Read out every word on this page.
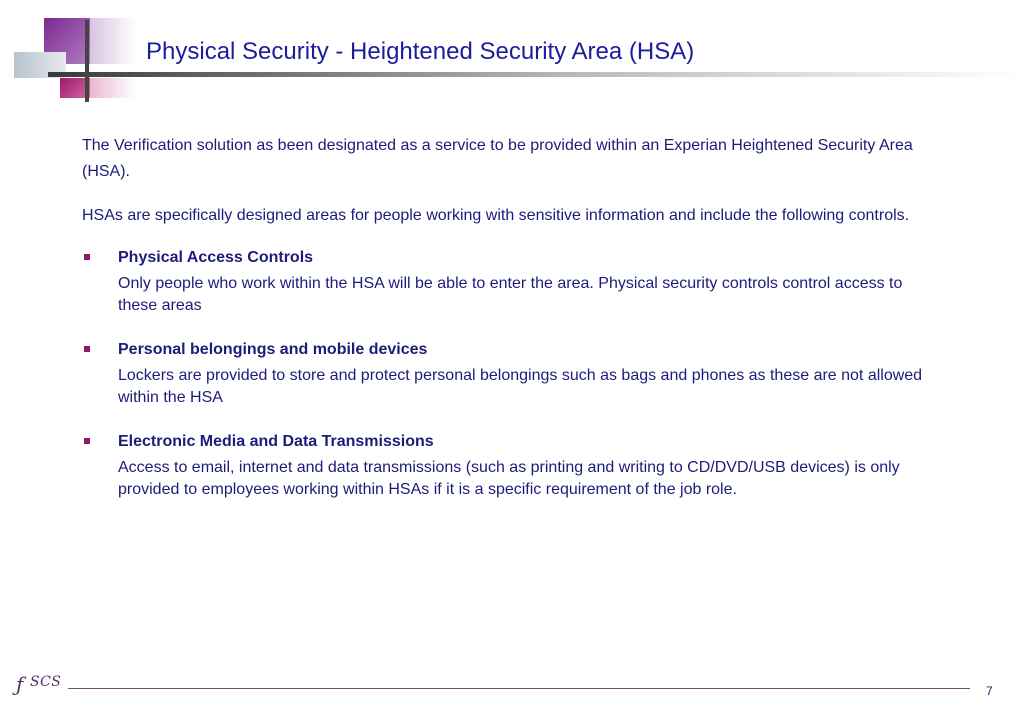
Physical Security - Heightened Security Area (HSA)

The Verification solution as been designated as a service to be provided within an Experian Heightened Security Area (HSA).

HSAs are specifically designed areas for people working with sensitive information and include the following controls.

Physical Access Controls
Only people who work within the HSA will be able to enter the area. Physical security controls control access to these areas
Personal belongings and mobile devices
Lockers are provided to store and protect personal belongings such as bags and phones as these are not allowed within the HSA
Electronic Media and Data Transmissions
Access to email, internet and data transmissions (such as printing and writing to CD/DVD/USB devices) is only provided to employees working within HSAs if it is a specific requirement of the job role.
ƒ SCS
7
